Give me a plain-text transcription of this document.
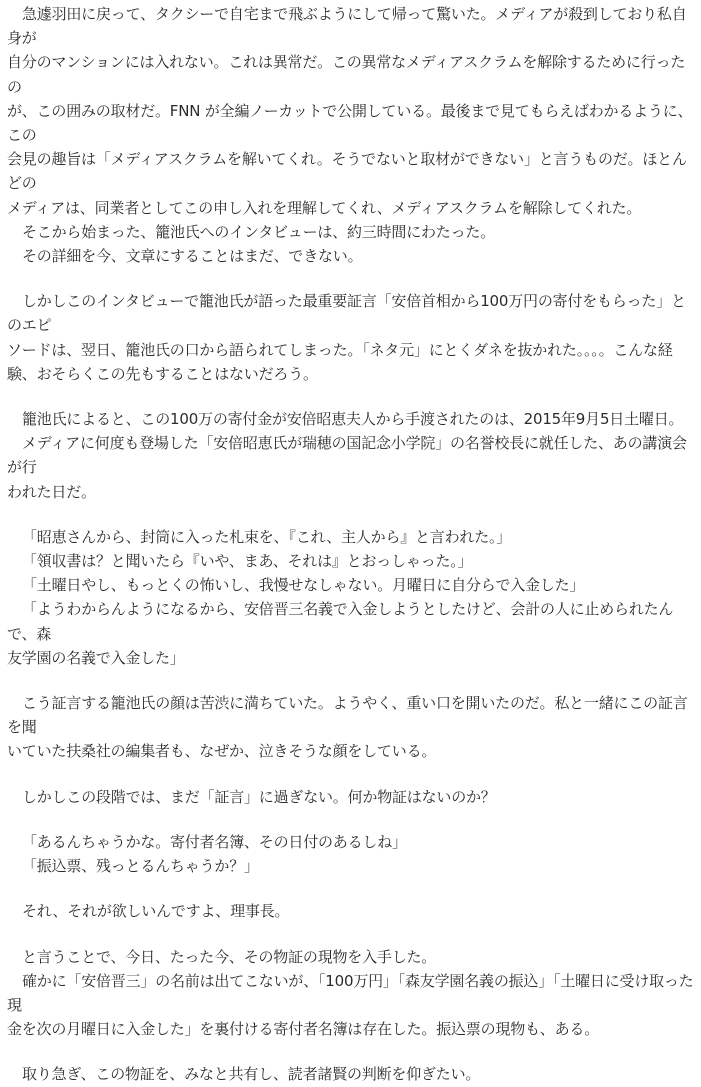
急遽羽田に戻って、タクシーで自宅まで飛ぶようにして帰って驚いた。メディアが殺到しており私自身が
自分のマンションには入れない。これは異常だ。この異常なメディアスクラムを解除するために行ったの
が、この囲みの取材だ。FNN が全編ノーカットで公開している。最後まで見てもらえばわかるように、この
会見の趣旨は「メディアスクラムを解いてくれ。そうでないと取材ができない」と言うものだ。ほとんどの
メディアは、同業者としてこの申し入れを理解してくれ、メディアスクラムを解除してくれた。

そこから始まった、籠池氏へのインタビューは、約三時間にわたった。

その詳細を今、文章にすることはまだ、できない。

しかしこのインタビューで籠池氏が語った最重要証言「安倍首相から100万円の寄付をもらった」とのエピ
ソードは、翌日、籠池氏の口から語られてしまった。「ネタ元」にとくダネを抜かれた。。。。こんな経
験、おそらくこの先もすることはないだろう。

籠池氏によると、この100万の寄付金が安倍昭恵夫人から手渡されたのは、2015年9月5日土曜日。

メディアに何度も登場した「安倍昭恵氏が瑞穂の国記念小学院」の名誉校長に就任した、あの講演会が行
われた日だ。

「昭恵さんから、封筒に入った札束を、『これ、主人から』と言われた。」

「領収書は？と聞いたら『いや、まあ、それは』とおっしゃった。」

「土曜日やし、もっとくの怖いし、我慢せなしゃない。月曜日に自分らで入金した」

「ようわからんようになるから、安倍晋三名義で入金しようとしたけど、会計の人に止められたんで、森
友学園の名義で入金した」

こう証言する籠池氏の顔は苦渋に満ちていた。ようやく、重い口を開いたのだ。私と一緒にこの証言を聞
いていた扶桑社の編集者も、なぜか、泣きそうな顔をしている。

しかしこの段階では、まだ「証言」に過ぎない。何か物証はないのか？

「あるんちゃうかな。寄付者名簿、その日付のあるしね」

「振込票、残っとるんちゃうか？」

それ、それが欲しいんですよ、理事長。

と言うことで、今日、たった今、その物証の現物を入手した。

確かに「安倍晋三」の名前は出てこないが、「100万円」「森友学園名義の振込」「土曜日に受け取った現
金を次の月曜日に入金した」を裏付ける寄付者名簿は存在した。振込票の現物も、ある。

取り急ぎ、この物証を、みなと共有し、読者諸賢の判断を仰ぎたい。
